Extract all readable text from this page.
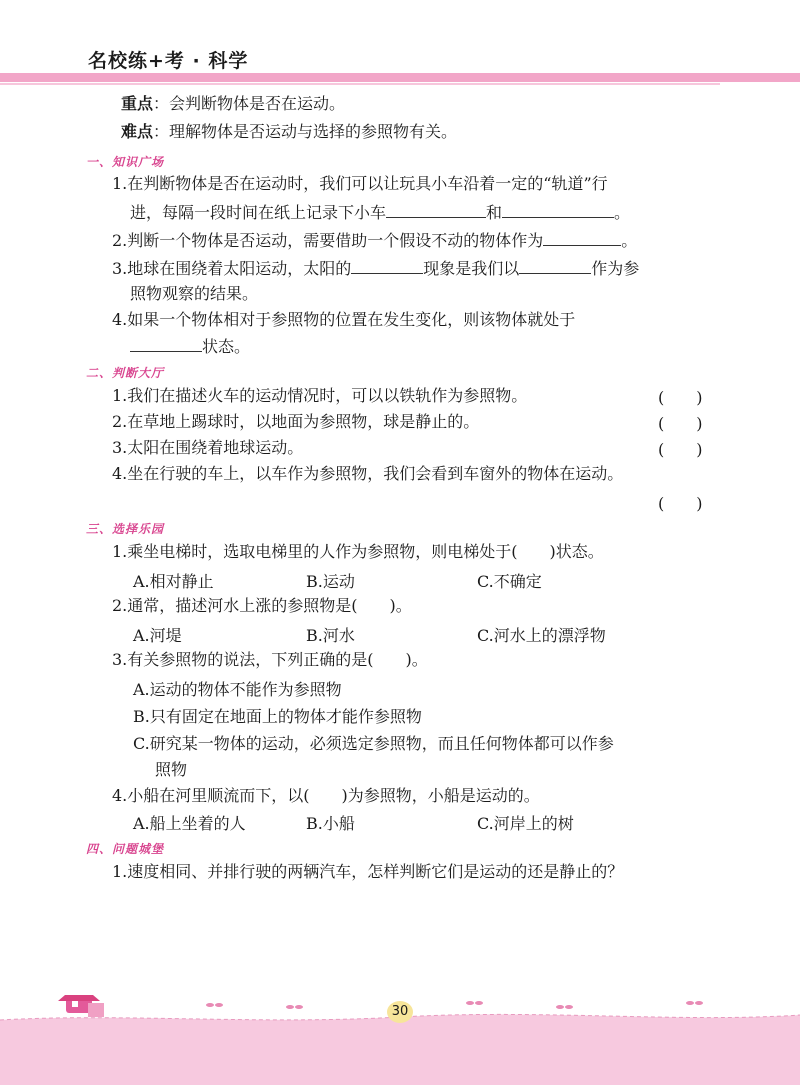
名校练+考 · 科学
重点：会判断物体是否在运动。
难点：理解物体是否运动与选择的参照物有关。
一、知识广场
1.在判断物体是否在运动时，我们可以让玩具小车沿着一定的“轨道”行
进，每隔一段时间在纸上记录下小车	和	。
2.判断一个物体是否运动，需要借助一个假设不动的物体作为	。
3.地球在围绕着太阳运动，太阳的	现象是我们以	作为参
照物观察的结果。
4.如果一个物体相对于参照物的位置在发生变化，则该物体就处于
状态。
二、判断大厅
1.我们在描述火车的运动情况时，可以以铁轨作为参照物。	(　　)
2.在草地上踢球时，以地面为参照物，球是静止的。	(　　)
3.太阳在围绕着地球运动。	(　　)
4.坐在行驶的车上，以车作为参照物，我们会看到车窗外的物体在运动。
(　　)
三、选择乐园
1.乘坐电梯时，选取电梯里的人作为参照物，则电梯处于(　　)状态。
A.相对静止	B.运动	C.不确定
2.通常，描述河水上涨的参照物是(　　)。
A.河堤	B.河水	C.河水上的漂浮物
3.有关参照物的说法，下列正确的是(　　)。
A.运动的物体不能作为参照物
B.只有固定在地面上的物体才能作参照物
C.研究某一物体的运动，必须选定参照物，而且任何物体都可以作参
照物
4.小船在河里顺流而下，以(　　)为参照物，小船是运动的。
A.船上坐着的人	B.小船	C.河岸上的树
四、问题城堡
1.速度相同、并排行驶的两辆汽车，怎样判断它们是运动的还是静止的？
30
